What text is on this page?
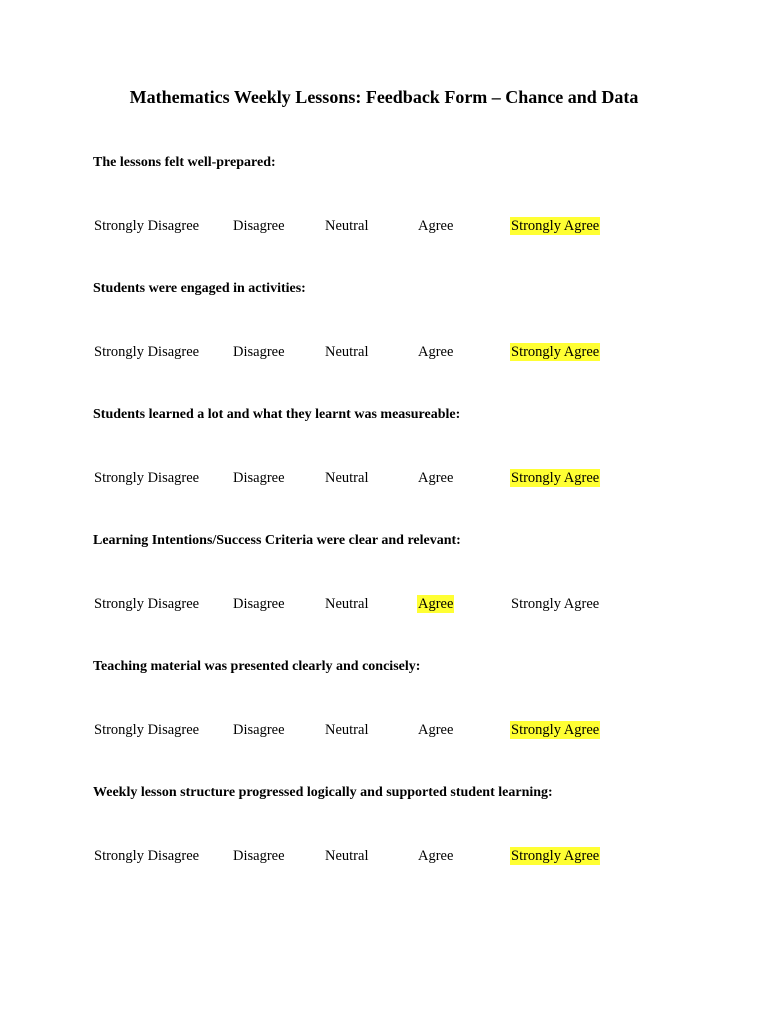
Mathematics Weekly Lessons: Feedback Form – Chance and Data

The lessons felt well-prepared:

Strongly Disagree Disagree	Neutral	Agree	Strongly Agree

Students were engaged in activities:

Strongly Disagree Disagree	Neutral	Agree	Strongly Agree

Students learned a lot and what they learnt was measureable:

Strongly Disagree Disagree	Neutral	Agree	Strongly Agree

Learning Intentions/Success Criteria were clear and relevant:

Strongly Disagree Disagree	Neutral	Agree	Strongly Agree

Teaching material was presented clearly and concisely:

Strongly Disagree Disagree	Neutral	Agree	Strongly Agree

Weekly lesson structure progressed logically and supported student learning:

Strongly Disagree Disagree	Neutral	Agree	Strongly Agree
